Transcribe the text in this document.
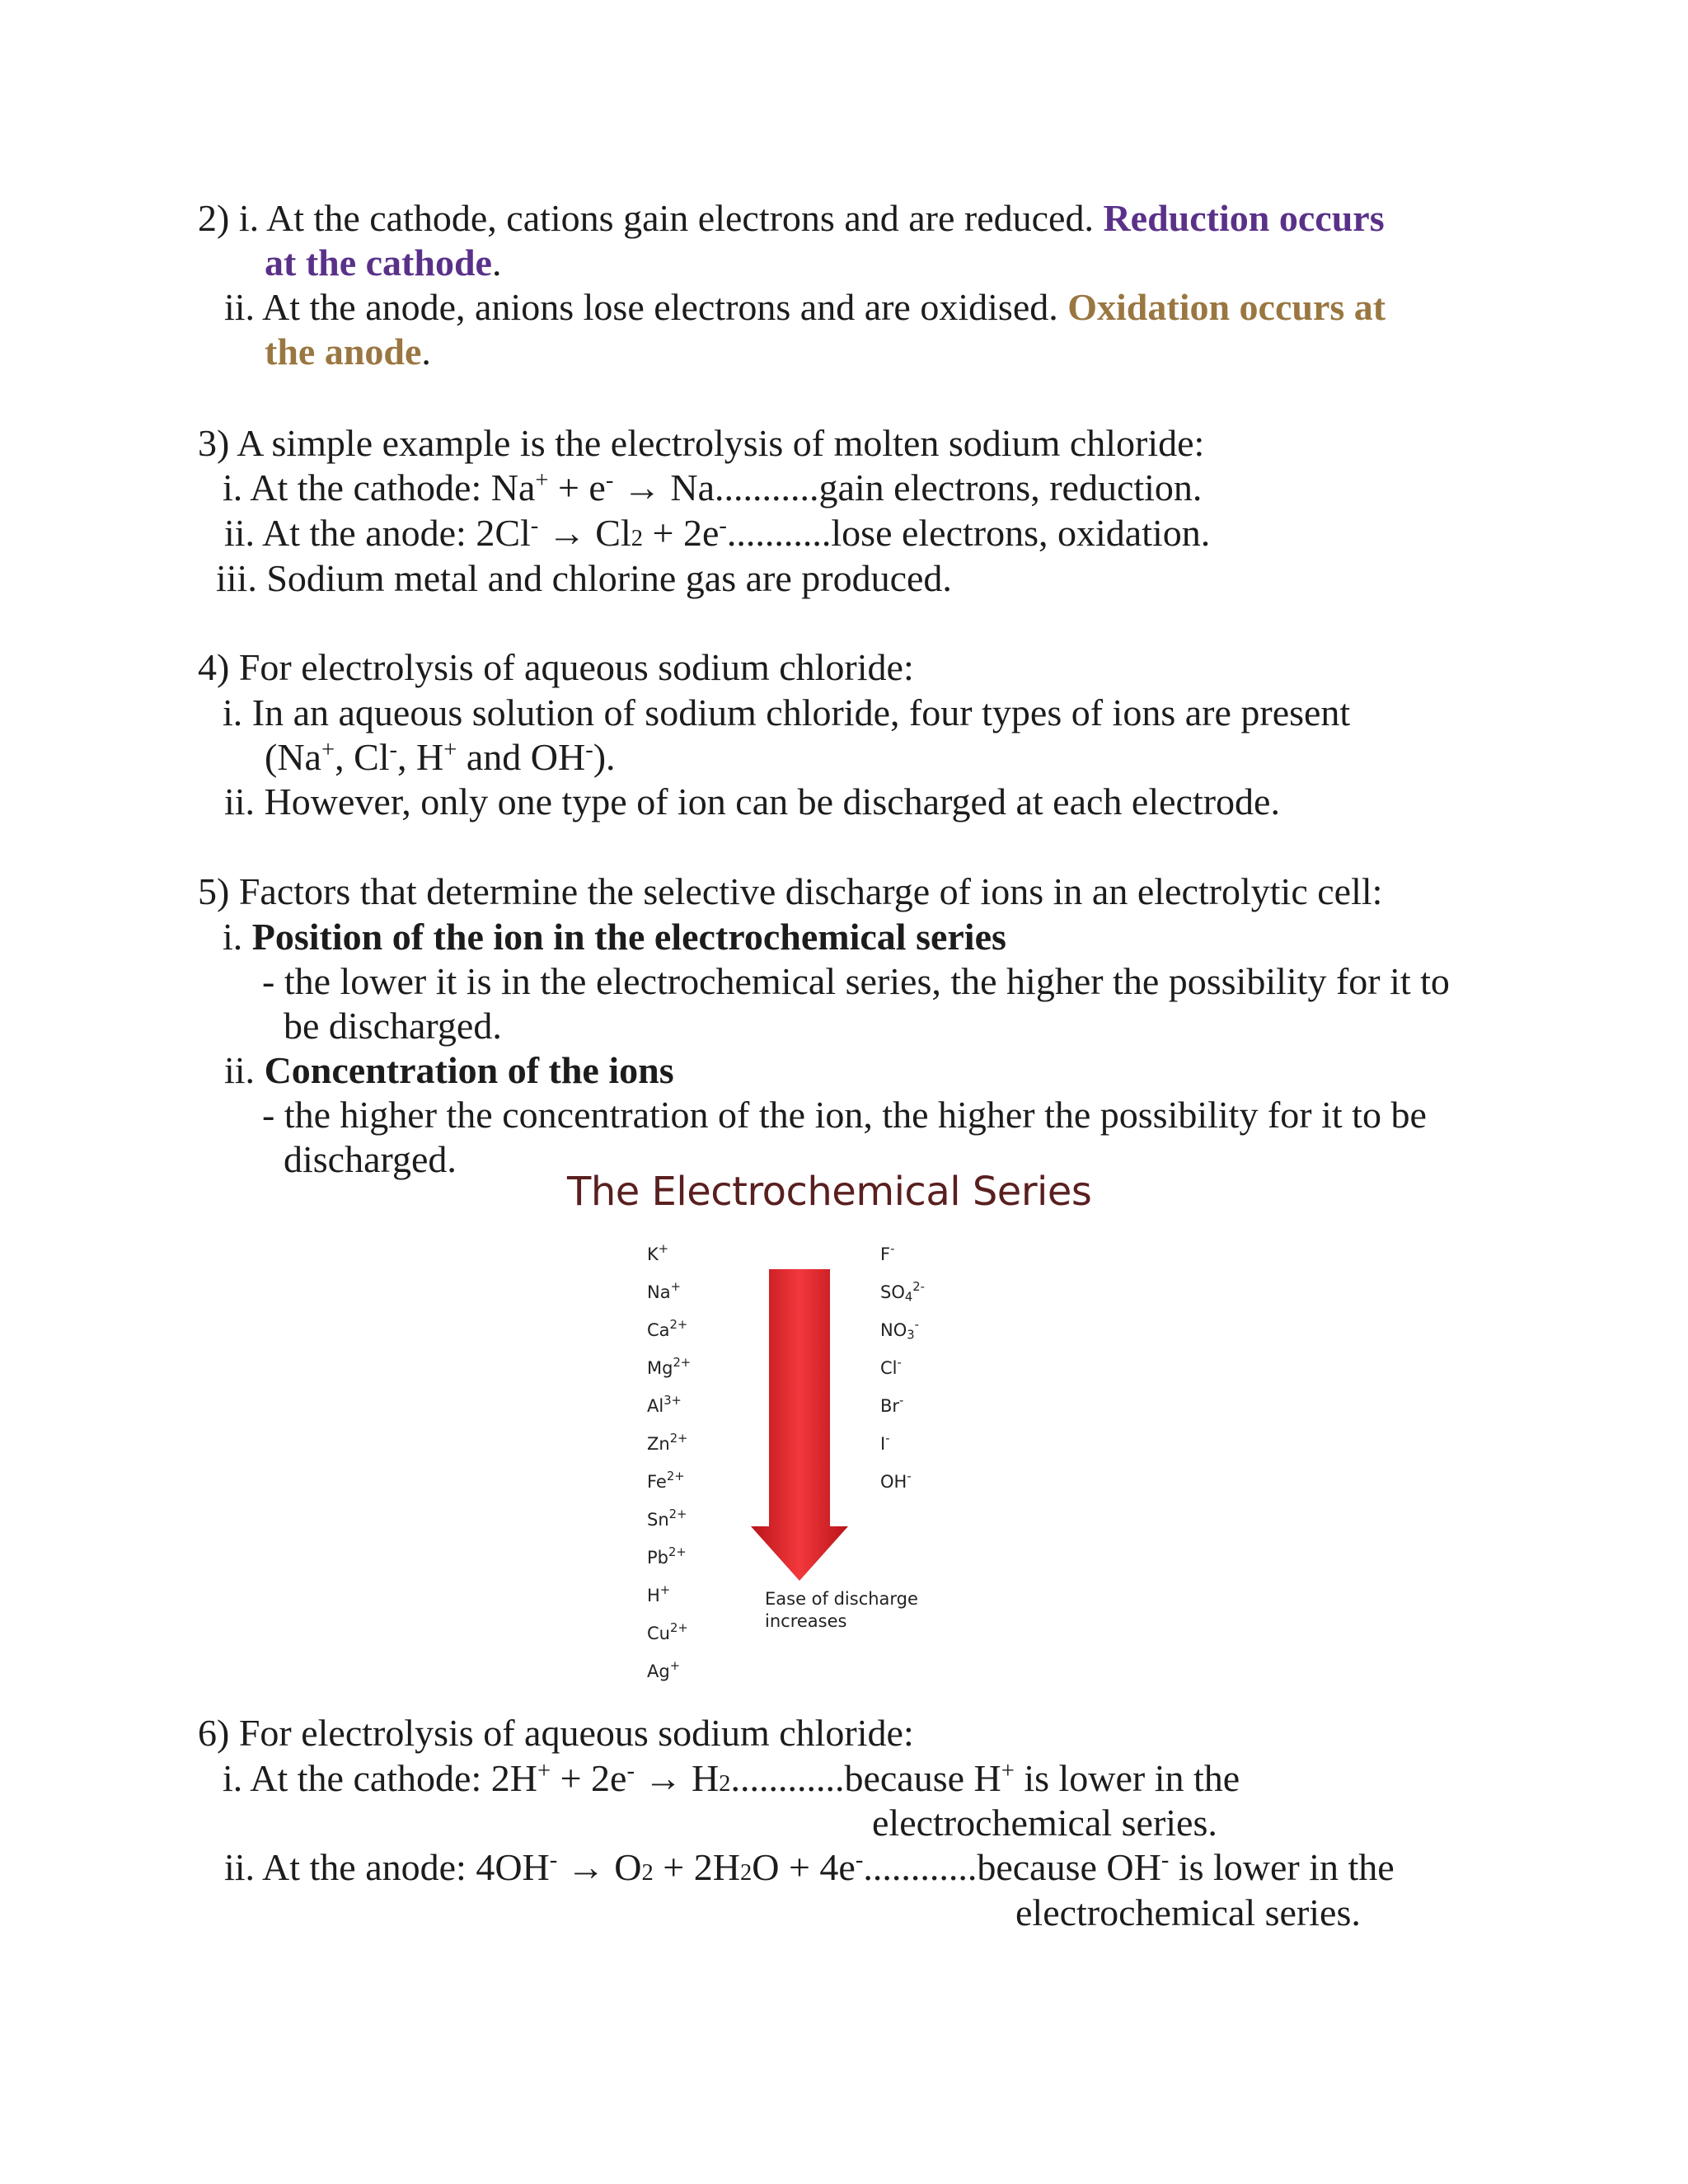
2) i. At the cathode, cations gain electrons and are reduced. Reduction occurs
at the cathode.
ii. At the anode, anions lose electrons and are oxidised. Oxidation occurs at
the anode.
3) A simple example is the electrolysis of molten sodium chloride:
i. At the cathode: Na+ + e- → Na...........gain electrons, reduction.
ii. At the anode: 2Cl- → Cl2 + 2e-...........lose electrons, oxidation.
iii. Sodium metal and chlorine gas are produced.
4) For electrolysis of aqueous sodium chloride:
i. In an aqueous solution of sodium chloride, four types of ions are present
(Na+, Cl-, H+ and OH-).
ii. However, only one type of ion can be discharged at each electrode.
5) Factors that determine the selective discharge of ions in an electrolytic cell:
i. Position of the ion in the electrochemical series
- the lower it is in the electrochemical series, the higher the possibility for it to
be discharged.
ii. Concentration of the ions
- the higher the concentration of the ion, the higher the possibility for it to be
discharged.
The Electrochemical Series
Ease of discharge
increases
6) For electrolysis of aqueous sodium chloride:
i. At the cathode: 2H+ + 2e- → H2............because H+ is lower in the
electrochemical series.
ii. At the anode: 4OH- → O2 + 2H2O + 4e-............because OH- is lower in the
electrochemical series.
K+
Na+
$Ca^{2+}$
$Mg^{2+}$
$Al^{3+}$
$Zn^{2+}$
$Fe^{2+}$
$Sn^{2+}$
$Pb^{2+}$
H+
$Cu^{2+}$
Ag+
F-
$SO_4^{2-}$
$NO_3^-$
Cl-
Br-
I-
OH-
